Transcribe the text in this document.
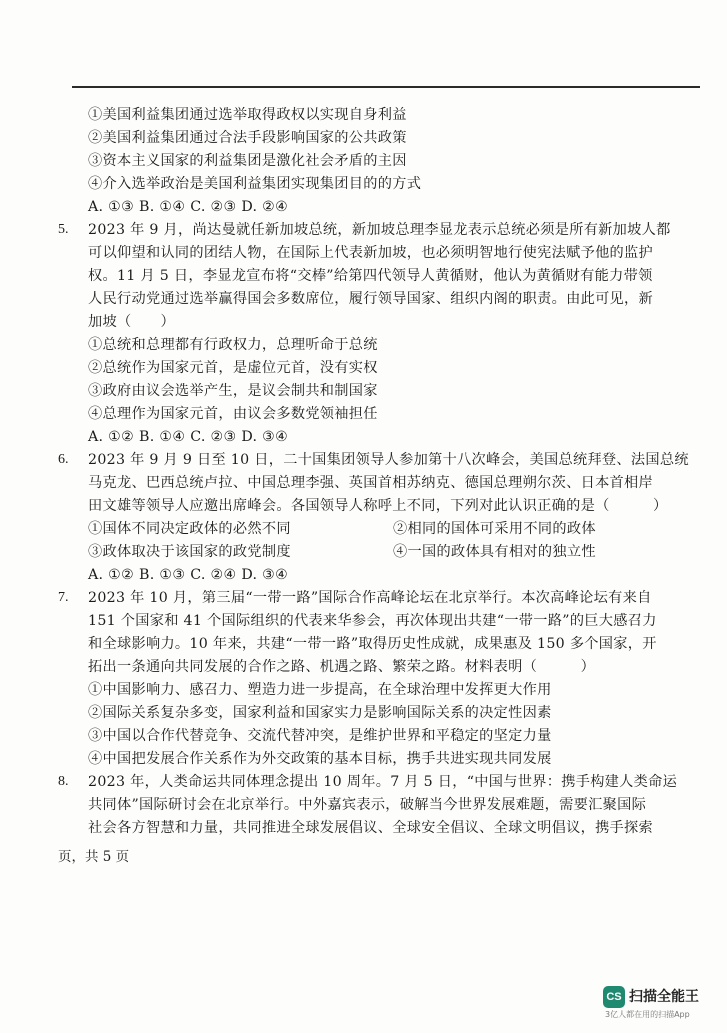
①美国利益集团通过选举取得政权以实现自身利益
②美国利益集团通过合法手段影响国家的公共政策
③资本主义国家的利益集团是激化社会矛盾的主因
④介入选举政治是美国利益集团实现集团目的的方式
A. ①③ B. ①④ C. ②③ D. ②④
5. 2023 年 9 月，尚达曼就任新加坡总统，新加坡总理李显龙表示总统必须是所有新加坡人都
可以仰望和认同的团结人物，在国际上代表新加坡，也必须明智地行使宪法赋予他的监护
权。11 月 5 日，李显龙宣布将“交棒”给第四代领导人黄循财，他认为黄循财有能力带领
人民行动党通过选举赢得国会多数席位，履行领导国家、组织内阁的职责。由此可见，新
加坡（　　）
①总统和总理都有行政权力，总理听命于总统
②总统作为国家元首，是虚位元首，没有实权
③政府由议会选举产生，是议会制共和制国家
④总理作为国家元首，由议会多数党领袖担任
A. ①② B. ①④ C. ②③ D. ③④
6. 2023 年 9 月 9 日至 10 日，二十国集团领导人参加第十八次峰会，美国总统拜登、法国总统
马克龙、巴西总统卢拉、中国总理李强、英国首相苏纳克、德国总理朔尔茨、日本首相岸
田文雄等领导人应邀出席峰会。各国领导人称呼上不同，下列对此认识正确的是（　　　）
①国体不同决定政体的必然不同	②相同的国体可采用不同的政体
③政体取决于该国家的政党制度	④一国的政体具有相对的独立性
A. ①② B. ①③ C. ②④ D. ③④
7. 2023 年 10 月，第三届“一带一路”国际合作高峰论坛在北京举行。本次高峰论坛有来自
151 个国家和 41 个国际组织的代表来华参会，再次体现出共建“一带一路”的巨大感召力
和全球影响力。10 年来，共建“一带一路”取得历史性成就，成果惠及 150 多个国家，开
拓出一条通向共同发展的合作之路、机遇之路、繁荣之路。材料表明（　　　）
①中国影响力、感召力、塑造力进一步提高，在全球治理中发挥更大作用
②国际关系复杂多变，国家利益和国家实力是影响国际关系的决定性因素
③中国以合作代替竞争、交流代替冲突，是维护世界和平稳定的坚定力量
④中国把发展合作关系作为外交政策的基本目标，携手共进实现共同发展
8. 2023 年，人类命运共同体理念提出 10 周年。7 月 5 日，“中国与世界：携手构建人类命运
共同体”国际研讨会在北京举行。中外嘉宾表示，破解当今世界发展难题，需要汇聚国际
社会各方智慧和力量，共同推进全球发展倡议、全球安全倡议、全球文明倡议，携手探索
页，共 5 页
CS 扫描全能王
3亿人都在用的扫描App
